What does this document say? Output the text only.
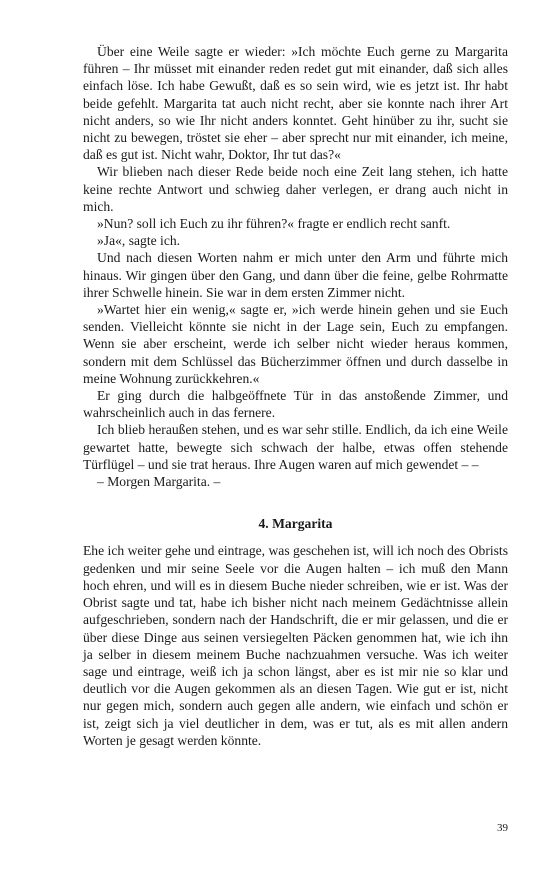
Über eine Weile sagte er wieder: »Ich möchte Euch gerne zu Margarita führen – Ihr müsset mit einander reden redet gut mit einander, daß sich alles einfach löse. Ich habe Gewußt, daß es so sein wird, wie es jetzt ist. Ihr habt beide gefehlt. Margarita tat auch nicht recht, aber sie konnte nach ihrer Art nicht anders, so wie Ihr nicht anders konntet. Geht hinüber zu ihr, sucht sie nicht zu bewegen, tröstet sie eher – aber sprecht nur mit einander, ich meine, daß es gut ist. Nicht wahr, Doktor, Ihr tut das?«

Wir blieben nach dieser Rede beide noch eine Zeit lang stehen, ich hatte keine rechte Antwort und schwieg daher verlegen, er drang auch nicht in mich.

»Nun? soll ich Euch zu ihr führen?« fragte er endlich recht sanft.

»Ja«, sagte ich.

Und nach diesen Worten nahm er mich unter den Arm und führte mich hinaus. Wir gingen über den Gang, und dann über die feine, gelbe Rohrmatte ihrer Schwelle hinein. Sie war in dem ersten Zimmer nicht.

»Wartet hier ein wenig,« sagte er, »ich werde hinein gehen und sie Euch senden. Vielleicht könnte sie nicht in der Lage sein, Euch zu empfangen. Wenn sie aber erscheint, werde ich selber nicht wieder heraus kommen, sondern mit dem Schlüssel das Bücherzimmer öffnen und durch dasselbe in meine Wohnung zurückkehren.«

Er ging durch die halbgeöffnete Tür in das anstoßende Zimmer, und wahrscheinlich auch in das fernere.

Ich blieb heraußen stehen, und es war sehr stille. Endlich, da ich eine Weile gewartet hatte, bewegte sich schwach der halbe, etwas offen stehende Türflügel – und sie trat heraus. Ihre Augen waren auf mich gewendet – –

– Morgen Margarita. –

4. Margarita

Ehe ich weiter gehe und eintrage, was geschehen ist, will ich noch des Obrists gedenken und mir seine Seele vor die Augen halten – ich muß den Mann hoch ehren, und will es in diesem Buche nieder schreiben, wie er ist. Was der Obrist sagte und tat, habe ich bisher nicht nach meinem Gedächtnisse allein aufgeschrieben, sondern nach der Handschrift, die er mir gelassen, und die er über diese Dinge aus seinen versiegelten Päcken genommen hat, wie ich ihn ja selber in diesem meinem Buche nachzuahmen versuche. Was ich weiter sage und eintrage, weiß ich ja schon längst, aber es ist mir nie so klar und deutlich vor die Augen gekommen als an diesen Tagen. Wie gut er ist, nicht nur gegen mich, sondern auch gegen alle andern, wie einfach und schön er ist, zeigt sich ja viel deutlicher in dem, was er tut, als es mit allen andern Worten je gesagt werden könnte.

39
